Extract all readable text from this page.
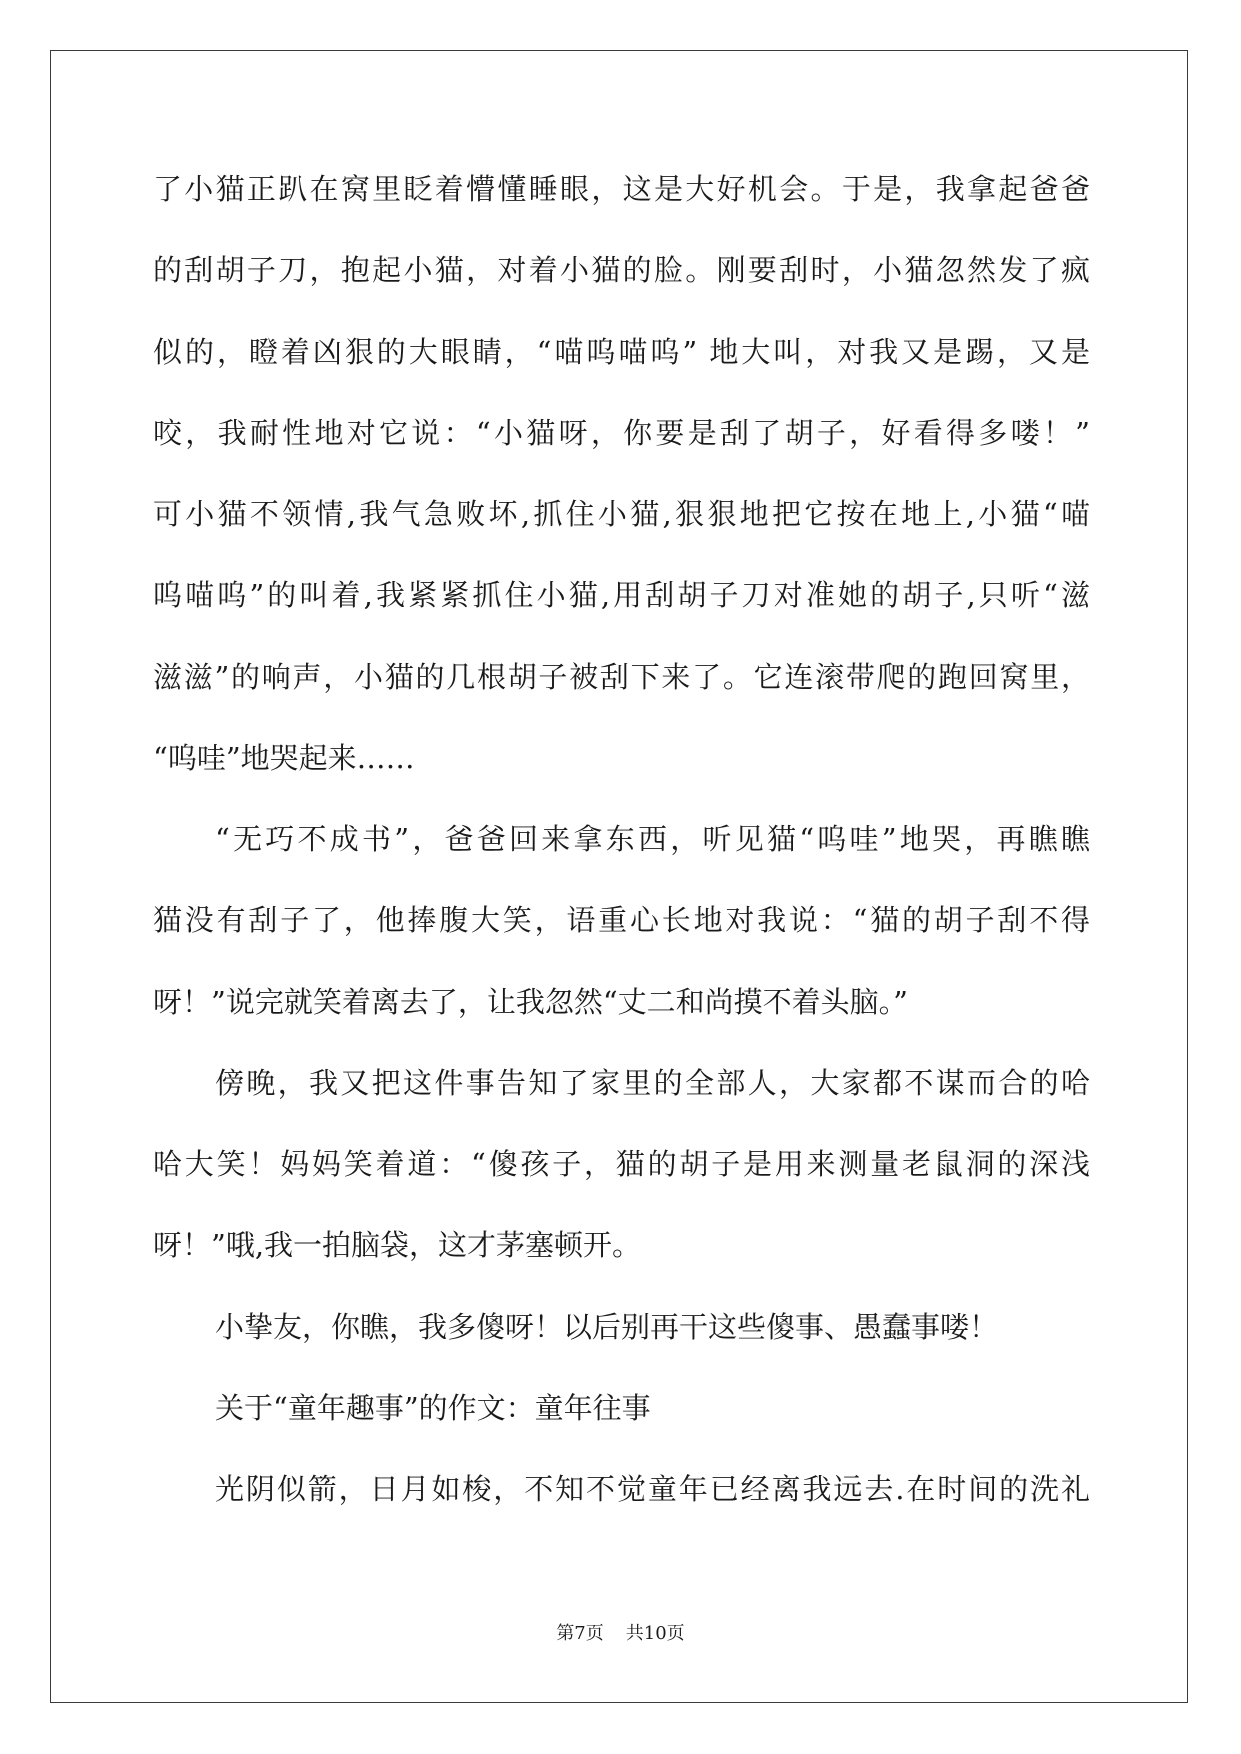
了小猫正趴在窝里眨着懵懂睡眼，这是大好机会。于是，我拿起爸爸
的刮胡子刀，抱起小猫，对着小猫的脸。刚要刮时，小猫忽然发了疯
似的，瞪着凶狠的大眼睛，“喵呜喵呜” 地大叫，对我又是踢，又是
咬，我耐性地对它说：“小猫呀，你要是刮了胡子，好看得多喽！”
可小猫不领情,我气急败坏,抓住小猫,狠狠地把它按在地上,小猫“喵
呜喵呜”的叫着,我紧紧抓住小猫,用刮胡子刀对准她的胡子,只听“滋
滋滋”的响声，小猫的几根胡子被刮下来了。它连滚带爬的跑回窝里，
“呜哇”地哭起来……
“无巧不成书”，爸爸回来拿东西，听见猫“呜哇”地哭，再瞧瞧
猫没有刮子了，他捧腹大笑，语重心长地对我说：“猫的胡子刮不得
呀！”说完就笑着离去了，让我忽然“丈二和尚摸不着头脑。”
傍晚，我又把这件事告知了家里的全部人，大家都不谋而合的哈
哈大笑！妈妈笑着道：“傻孩子，猫的胡子是用来测量老鼠洞的深浅
呀！”哦,我一拍脑袋，这才茅塞顿开。
小挚友，你瞧，我多傻呀！以后别再干这些傻事、愚蠢事喽！
关于“童年趣事”的作文：童年往事
光阴似箭，日月如梭，不知不觉童年已经离我远去.在时间的洗礼
第7页 共10页
